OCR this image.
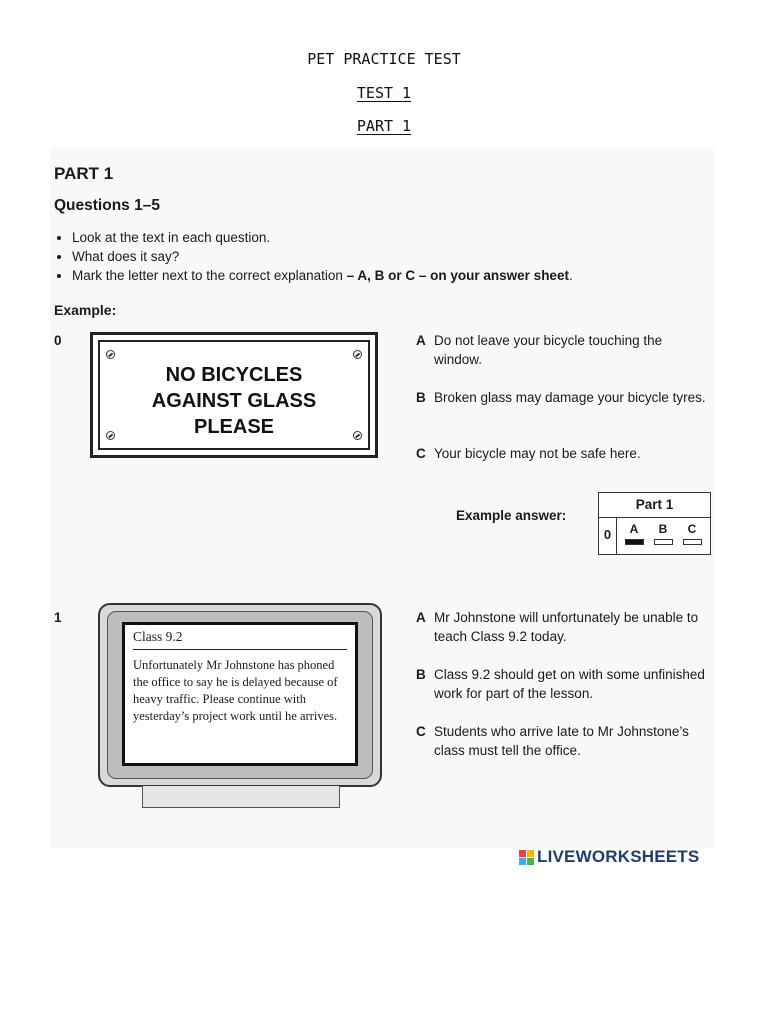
PET PRACTICE TEST
TEST 1
PART 1
PART 1
Questions 1–5
• Look at the text in each question.
• What does it say?
• Mark the letter next to the correct explanation – A, B or C – on your answer sheet.
Example:
0
NO BICYCLES
AGAINST GLASS
PLEASE
A Do not leave your bicycle touching the window.
B Broken glass may damage your bicycle tyres.
C Your bicycle may not be safe here.
Example answer:
Part 1
0	A	B	C
1
Class 9.2
Unfortunately Mr Johnstone has phoned the office to say he is delayed because of heavy traffic. Please continue with yesterday’s project work until he arrives.
A Mr Johnstone will unfortunately be unable to teach Class 9.2 today.
B Class 9.2 should get on with some unfinished work for part of the lesson.
C Students who arrive late to Mr Johnstone’s class must tell the office.
LIVEWORKSHEETS
